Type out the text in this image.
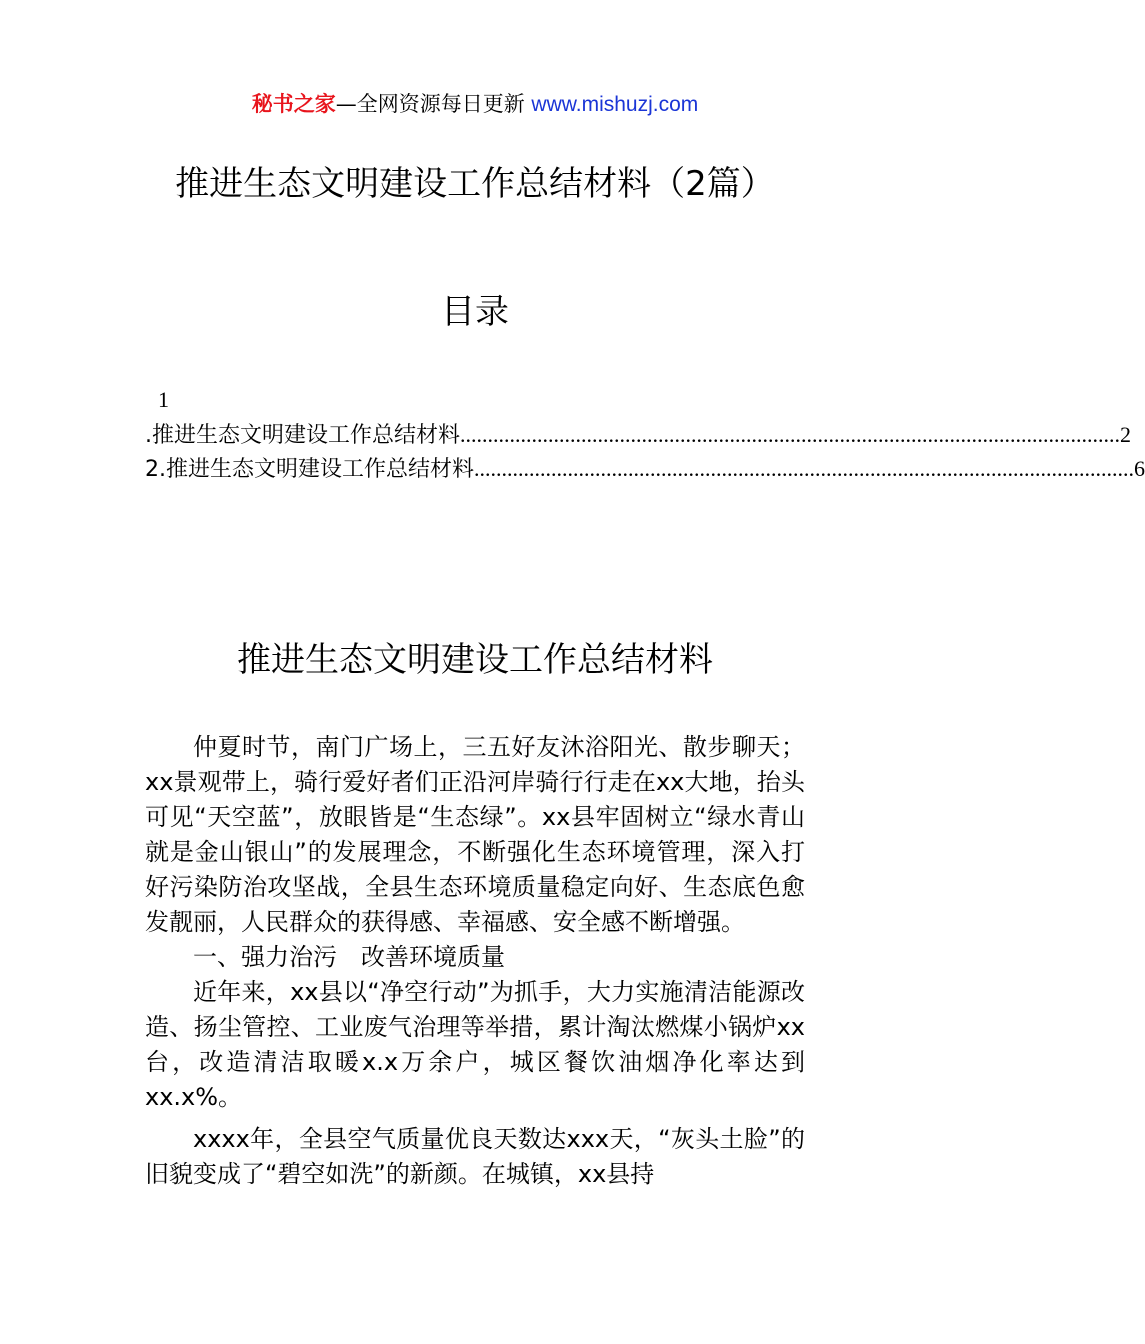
秘书之家—全网资源每日更新 www.mishuzj.com
推进生态文明建设工作总结材料（2篇）
目录
1
.推进生态文明建设工作总结材料 ........................................................................................................................ 2
2.推进生态文明建设工作总结材料 ........................................................................................................................ 6
推进生态文明建设工作总结材料

仲夏时节，南门广场上，三五好友沐浴阳光、散步聊天；xx景观带上，骑行爱好者们正沿河岸骑行行走在xx大地，抬头可见“天空蓝”，放眼皆是“生态绿”。xx县牢固树立“绿水青山就是金山银山”的发展理念，不断强化生态环境管理，深入打好污染防治攻坚战，全县生态环境质量稳定向好、生态底色愈发靓丽，人民群众的获得感、幸福感、安全感不断增强。

一、强力治污　改善环境质量

近年来，xx县以“净空行动”为抓手，大力实施清洁能源改造、扬尘管控、工业废气治理等举措，累计淘汰燃煤小锅炉xx台，改造清洁取暖x.x万余户，城区餐饮油烟净化率达到xx.x%。

xxxx年，全县空气质量优良天数达xxx天，“灰头土脸”的旧貌变成了“碧空如洗”的新颜。在城镇，xx县持
